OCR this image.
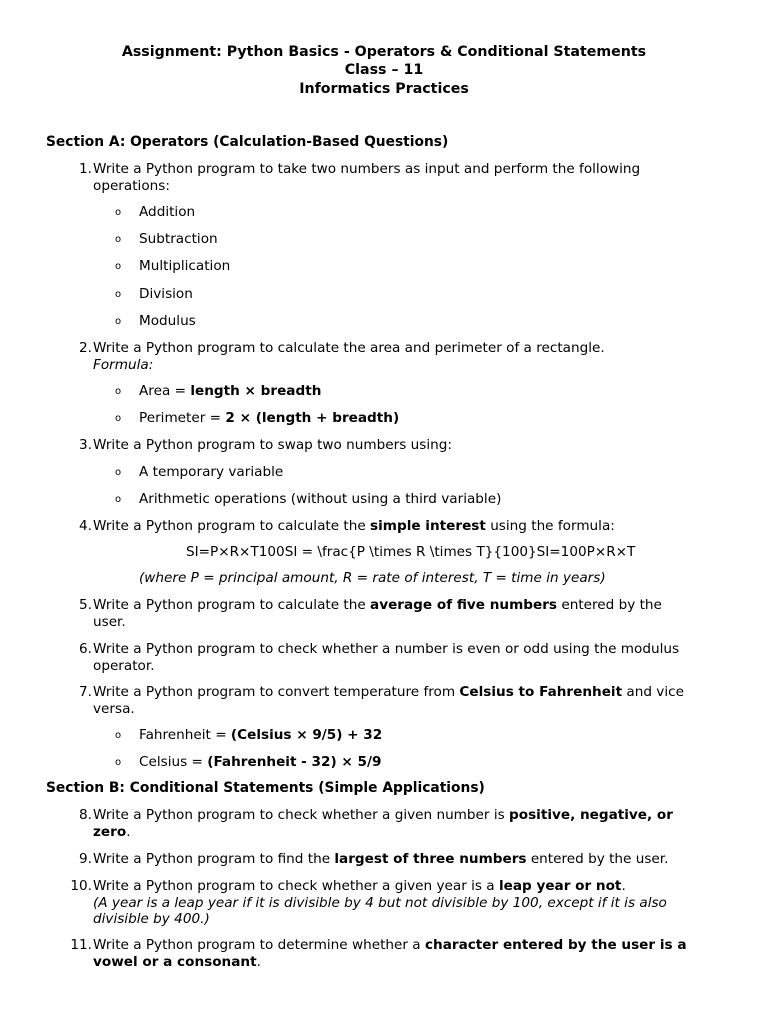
Assignment: Python Basics - Operators & Conditional Statements
Class – 11
Informatics Practices
Section A: Operators (Calculation-Based Questions)
1. Write a Python program to take two numbers as input and perform the following
operations:
o Addition
o Subtraction
o Multiplication
o Division
o Modulus
2. Write a Python program to calculate the area and perimeter of a rectangle.
Formula:
o Area = length × breadth
o Perimeter = 2 × (length + breadth)
3. Write a Python program to swap two numbers using:
o A temporary variable
o Arithmetic operations (without using a third variable)
4. Write a Python program to calculate the simple interest using the formula:
SI=P×R×T100SI = \frac{P \times R \times T}{100}SI=100P×R×T
(where P = principal amount, R = rate of interest, T = time in years)
5. Write a Python program to calculate the average of five numbers entered by the
user.
6. Write a Python program to check whether a number is even or odd using the modulus
operator.
7. Write a Python program to convert temperature from Celsius to Fahrenheit and vice
versa.
o Fahrenheit = (Celsius × 9/5) + 32
o Celsius = (Fahrenheit - 32) × 5/9
Section B: Conditional Statements (Simple Applications)
8. Write a Python program to check whether a given number is positive, negative, or
zero.
9. Write a Python program to find the largest of three numbers entered by the user.
10. Write a Python program to check whether a given year is a leap year or not.
(A year is a leap year if it is divisible by 4 but not divisible by 100, except if it is also
divisible by 400.)
11. Write a Python program to determine whether a character entered by the user is a
vowel or a consonant.
